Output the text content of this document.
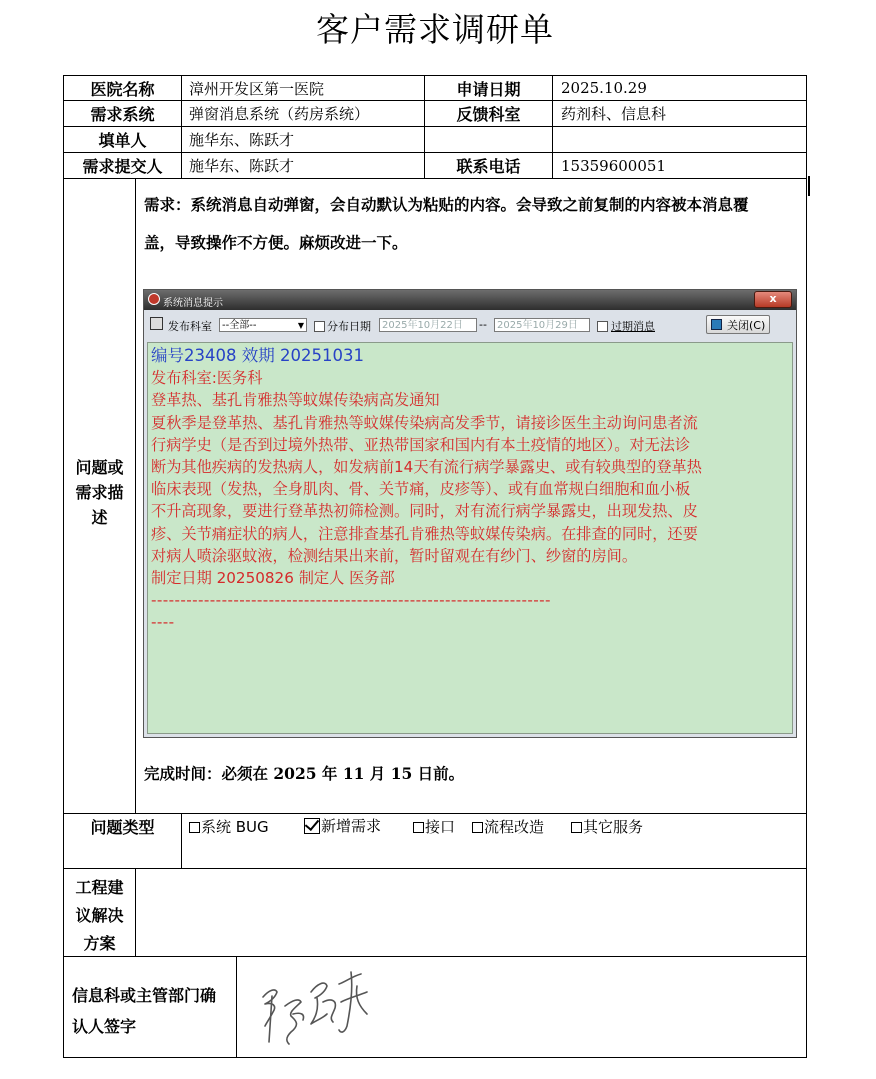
客户需求调研单
医院名称	漳州开发区第一医院	申请日期	2025.10.29
需求系统	弹窗消息系统（药房系统）	反馈科室	药剂科、信息科
填单人	施华东、陈跃才
需求提交人	施华东、陈跃才	联系电话	15359600051
问题或
需求描
述
需求：系统消息自动弹窗，会自动默认为粘贴的内容。会导致之前复制的内容被本消息覆
盖，导致操作不方便。麻烦改进一下。
系统消息提示	x
发布科室	--全部--	▼ 分布日期	2025年10月22日	--	2025年10月29日	过期消息	关闭(C)
编号23408 效期 20251031
发布科室:医务科
登革热、基孔肯雅热等蚊媒传染病高发通知
夏秋季是登革热、基孔肯雅热等蚊媒传染病高发季节，请接诊医生主动询问患者流
行病学史（是否到过境外热带、亚热带国家和国内有本土疫情的地区）。对无法诊
断为其他疾病的发热病人，如发病前14天有流行病学暴露史、或有较典型的登革热
临床表现（发热，全身肌肉、骨、关节痛，皮疹等）、或有血常规白细胞和血小板
不升高现象，要进行登革热初筛检测。同时，对有流行病学暴露史，出现发热、皮
疹、关节痛症状的病人，注意排查基孔肯雅热等蚊媒传染病。在排查的同时，还要
对病人喷涂驱蚊液，检测结果出来前，暂时留观在有纱门、纱窗的房间。
制定日期 20250826 制定人 医务部
--------------------------------------------------------------------
----
完成时间：必须在 2025 年 11 月 15 日前。
问题类型	系统 BUG	新增需求	接口	流程改造	其它服务
工程建
议解决
方案
信息科或主管部门确
认人签字
